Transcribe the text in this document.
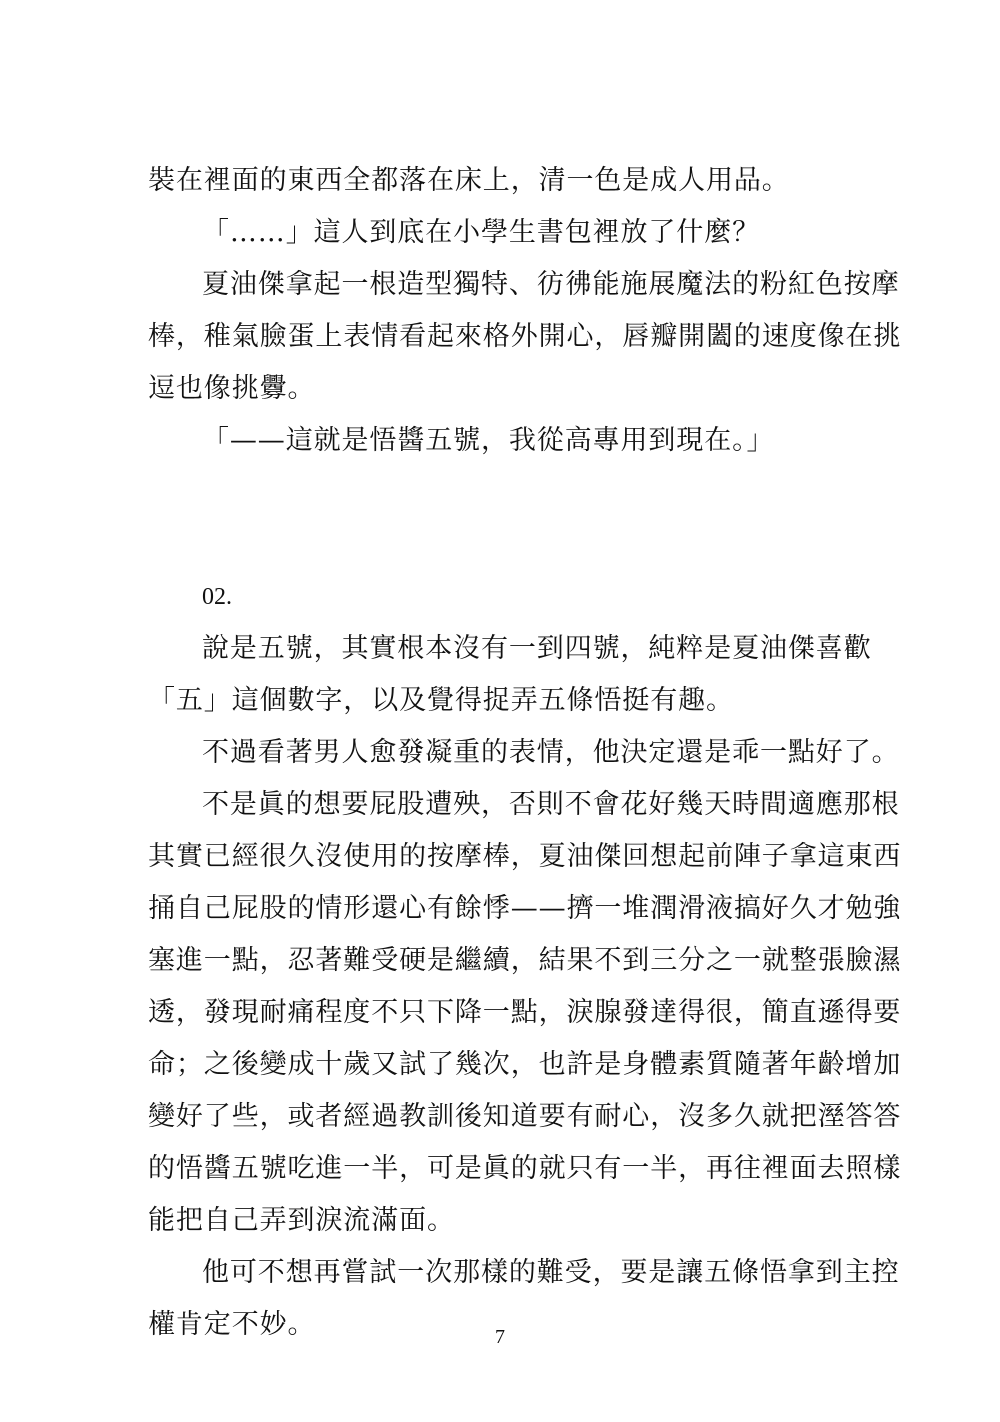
裝在裡面的東西全都落在床上，清一色是成人用品。
「……」這人到底在小學生書包裡放了什麼？
夏油傑拿起一根造型獨特、彷彿能施展魔法的粉紅色按摩
棒，稚氣臉蛋上表情看起來格外開心，唇瓣開闔的速度像在挑
逗也像挑釁。
「——這就是悟醬五號，我從高專用到現在。」
02.
說是五號，其實根本沒有一到四號，純粹是夏油傑喜歡
「五」這個數字，以及覺得捉弄五條悟挺有趣。
不過看著男人愈發凝重的表情，他決定還是乖一點好了。
不是眞的想要屁股遭殃，否則不會花好幾天時間適應那根
其實已經很久沒使用的按摩棒，夏油傑回想起前陣子拿這東西
捅自己屁股的情形還心有餘悸——擠一堆潤滑液搞好久才勉強
塞進一點，忍著難受硬是繼續，結果不到三分之一就整張臉濕
透，發現耐痛程度不只下降一點，淚腺發達得很，簡直遜得要
命；之後變成十歲又試了幾次，也許是身體素質隨著年齡增加
變好了些，或者經過教訓後知道要有耐心，沒多久就把溼答答
的悟醬五號吃進一半，可是眞的就只有一半，再往裡面去照樣
能把自己弄到淚流滿面。
他可不想再嘗試一次那樣的難受，要是讓五條悟拿到主控
權肯定不妙。	7
